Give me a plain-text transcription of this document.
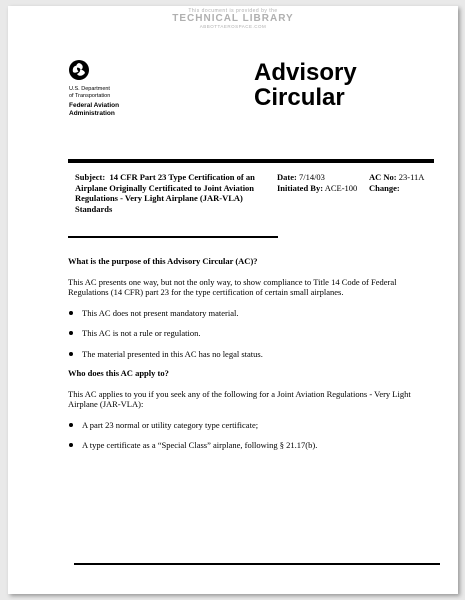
This document is provided by the
TECHNICAL LIBRARY
ABBOTTAEROSPACE.COM
U.S. Department
of Transportation
Federal Aviation
Administration
Advisory
Circular
Subject: 14 CFR Part 23 Type Certification of an Airplane Originally Certificated to Joint Aviation Regulations - Very Light Airplane (JAR-VLA) Standards
Date: 7/14/03
Initiated By: ACE-100
AC No: 23-11A
Change:

What is the purpose of this Advisory Circular (AC)?

This AC presents one way, but not the only way, to show compliance to Title 14 Code of Federal Regulations (14 CFR) part 23 for the type certification of certain small airplanes.

This AC does not present mandatory material.
This AC is not a rule or regulation.
The material presented in this AC has no legal status.

Who does this AC apply to?

This AC applies to you if you seek any of the following for a Joint Aviation Regulations - Very Light Airplane (JAR-VLA):

A part 23 normal or utility category type certificate;
A type certificate as a “Special Class” airplane, following § 21.17(b).
